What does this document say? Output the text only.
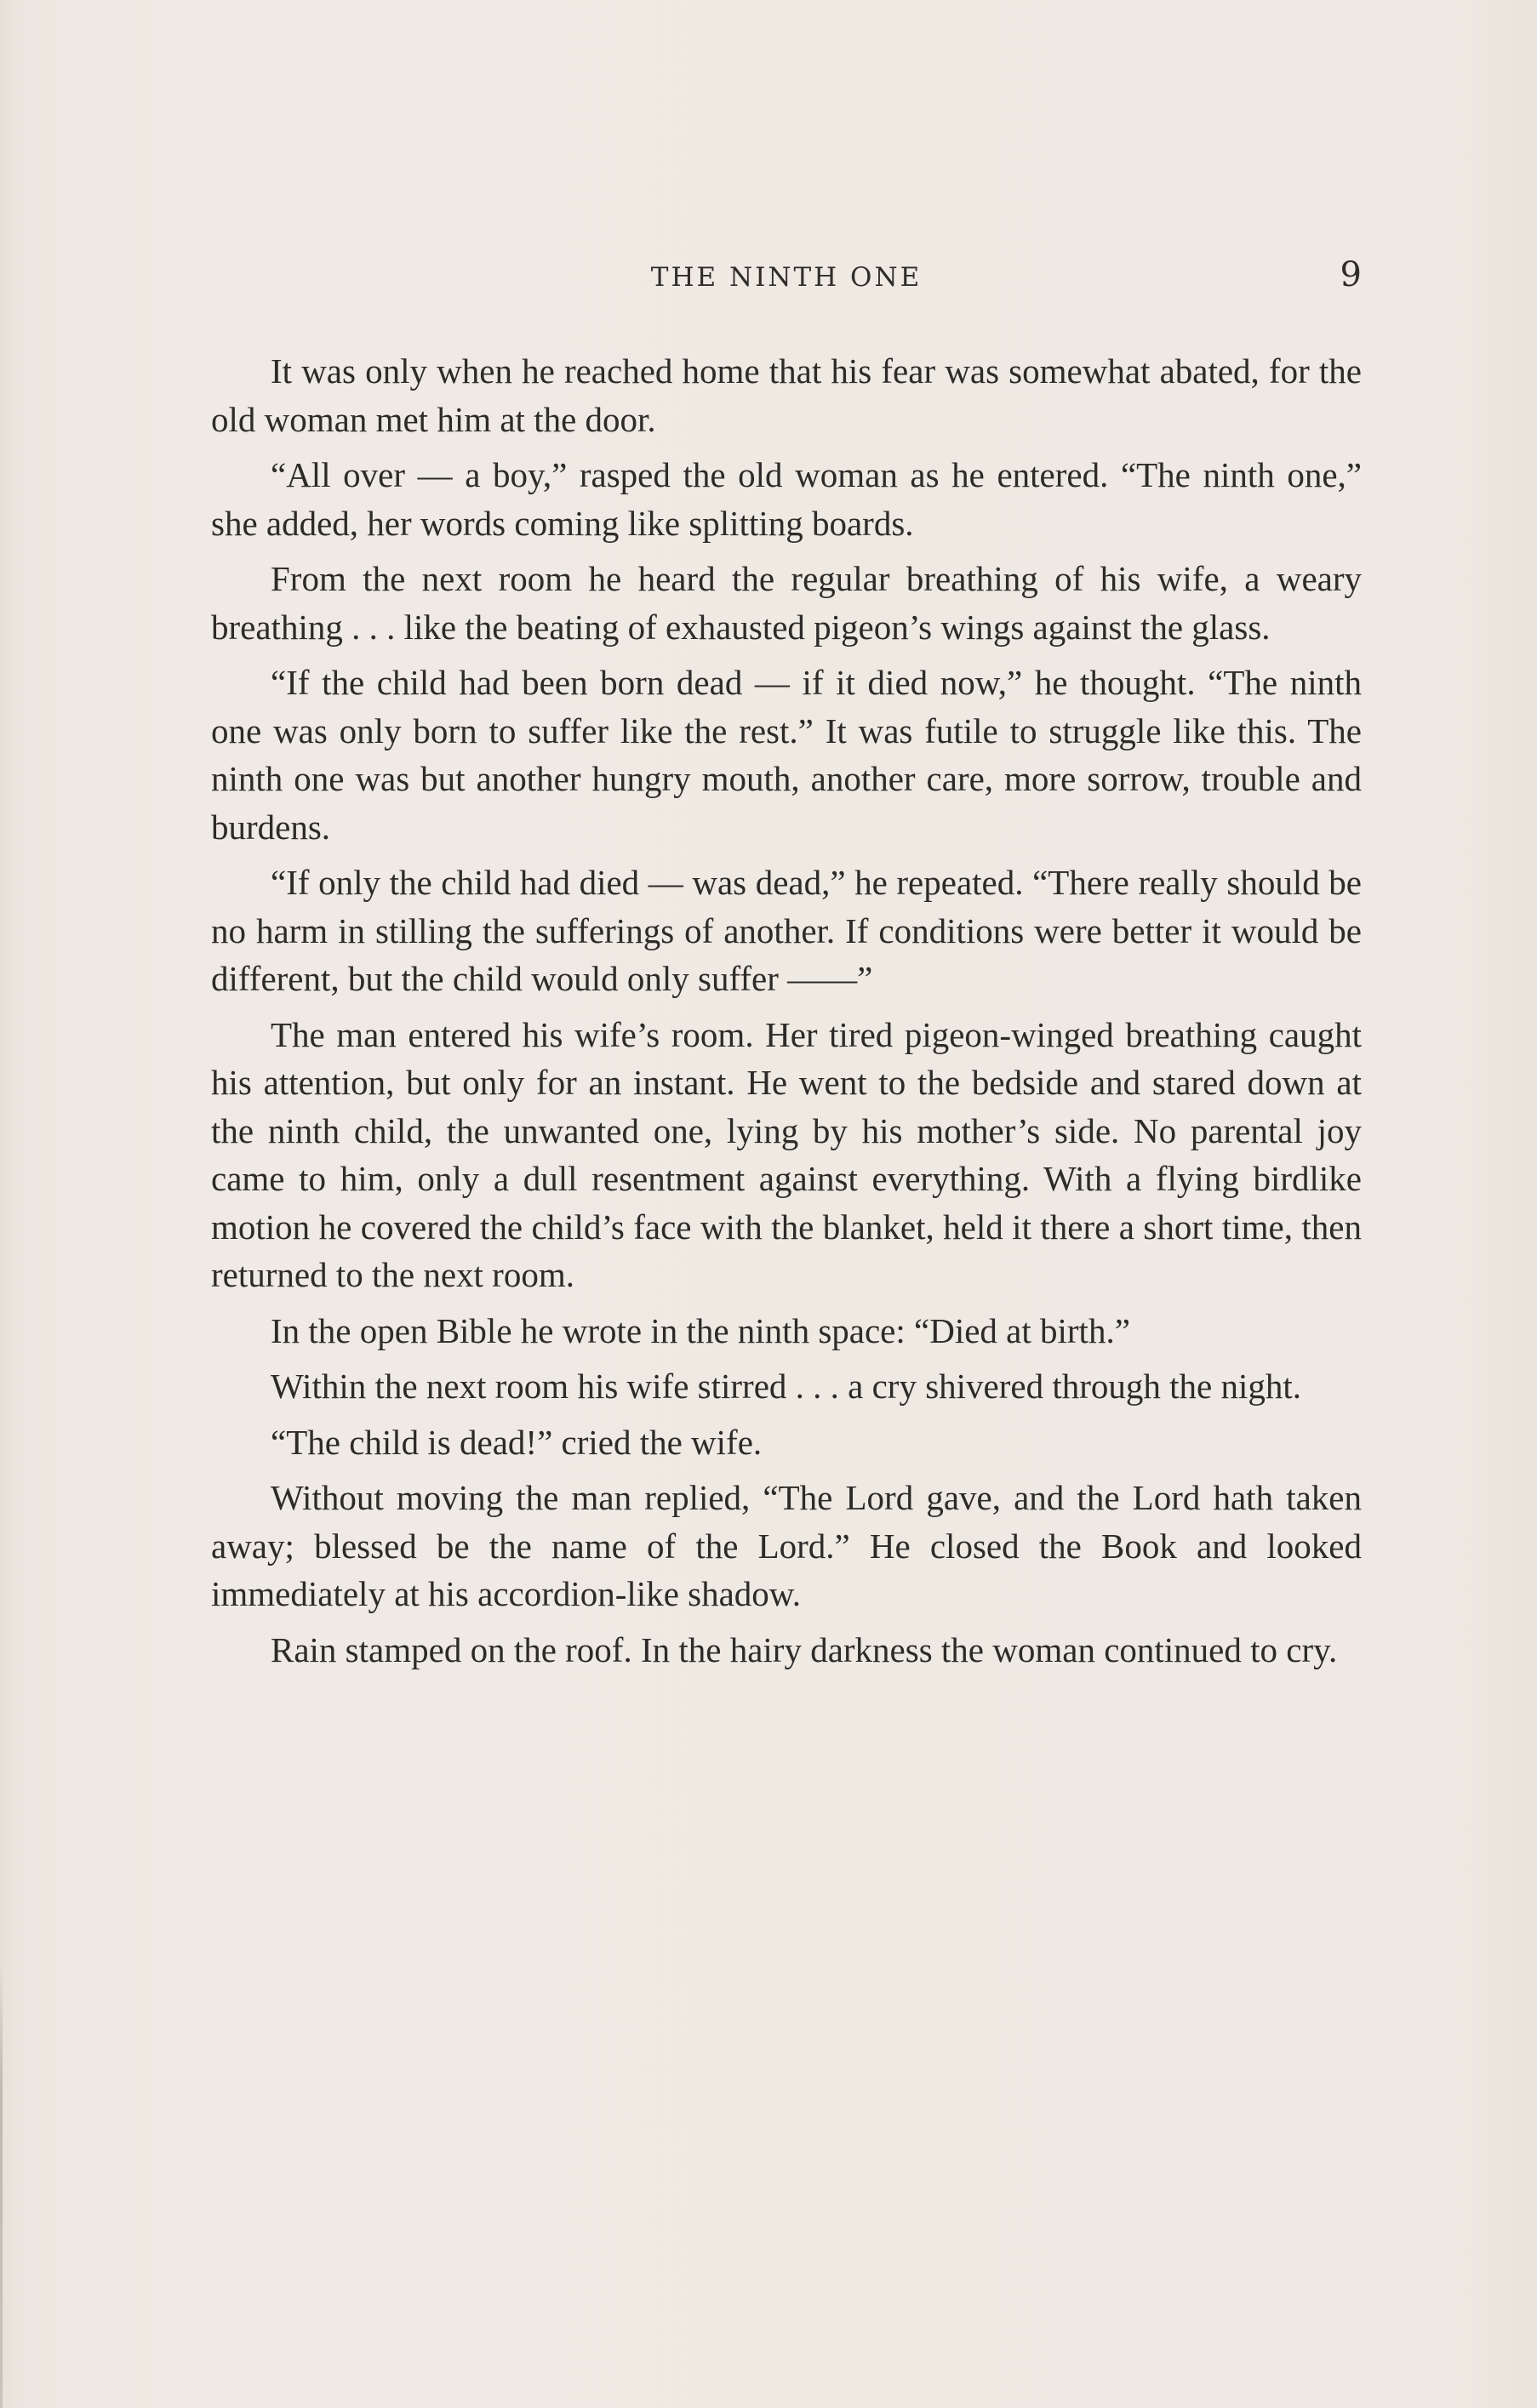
THE NINTH ONE	9

It was only when he reached home that his fear was somewhat abated, for the old woman met him at the door.

“All over — a boy,” rasped the old woman as he entered. “The ninth one,” she added, her words coming like splitting boards.

From the next room he heard the regular breathing of his wife, a weary breathing . . . like the beating of exhausted pigeon’s wings against the glass.

“If the child had been born dead — if it died now,” he thought. “The ninth one was only born to suffer like the rest.” It was futile to struggle like this. The ninth one was but another hungry mouth, another care, more sorrow, trouble and burdens.

“If only the child had died — was dead,” he repeated. “There really should be no harm in stilling the sufferings of another. If conditions were better it would be different, but the child would only suffer ——”

The man entered his wife’s room. Her tired pigeon-winged breathing caught his attention, but only for an instant. He went to the bedside and stared down at the ninth child, the unwanted one, lying by his mother’s side. No parental joy came to him, only a dull resentment against everything. With a flying birdlike motion he covered the child’s face with the blanket, held it there a short time, then returned to the next room.

In the open Bible he wrote in the ninth space: “Died at birth.”

Within the next room his wife stirred . . . a cry shivered through the night.

“The child is dead!” cried the wife.

Without moving the man replied, “The Lord gave, and the Lord hath taken away; blessed be the name of the Lord.” He closed the Book and looked immediately at his accordion-like shadow.

Rain stamped on the roof. In the hairy darkness the woman continued to cry.
